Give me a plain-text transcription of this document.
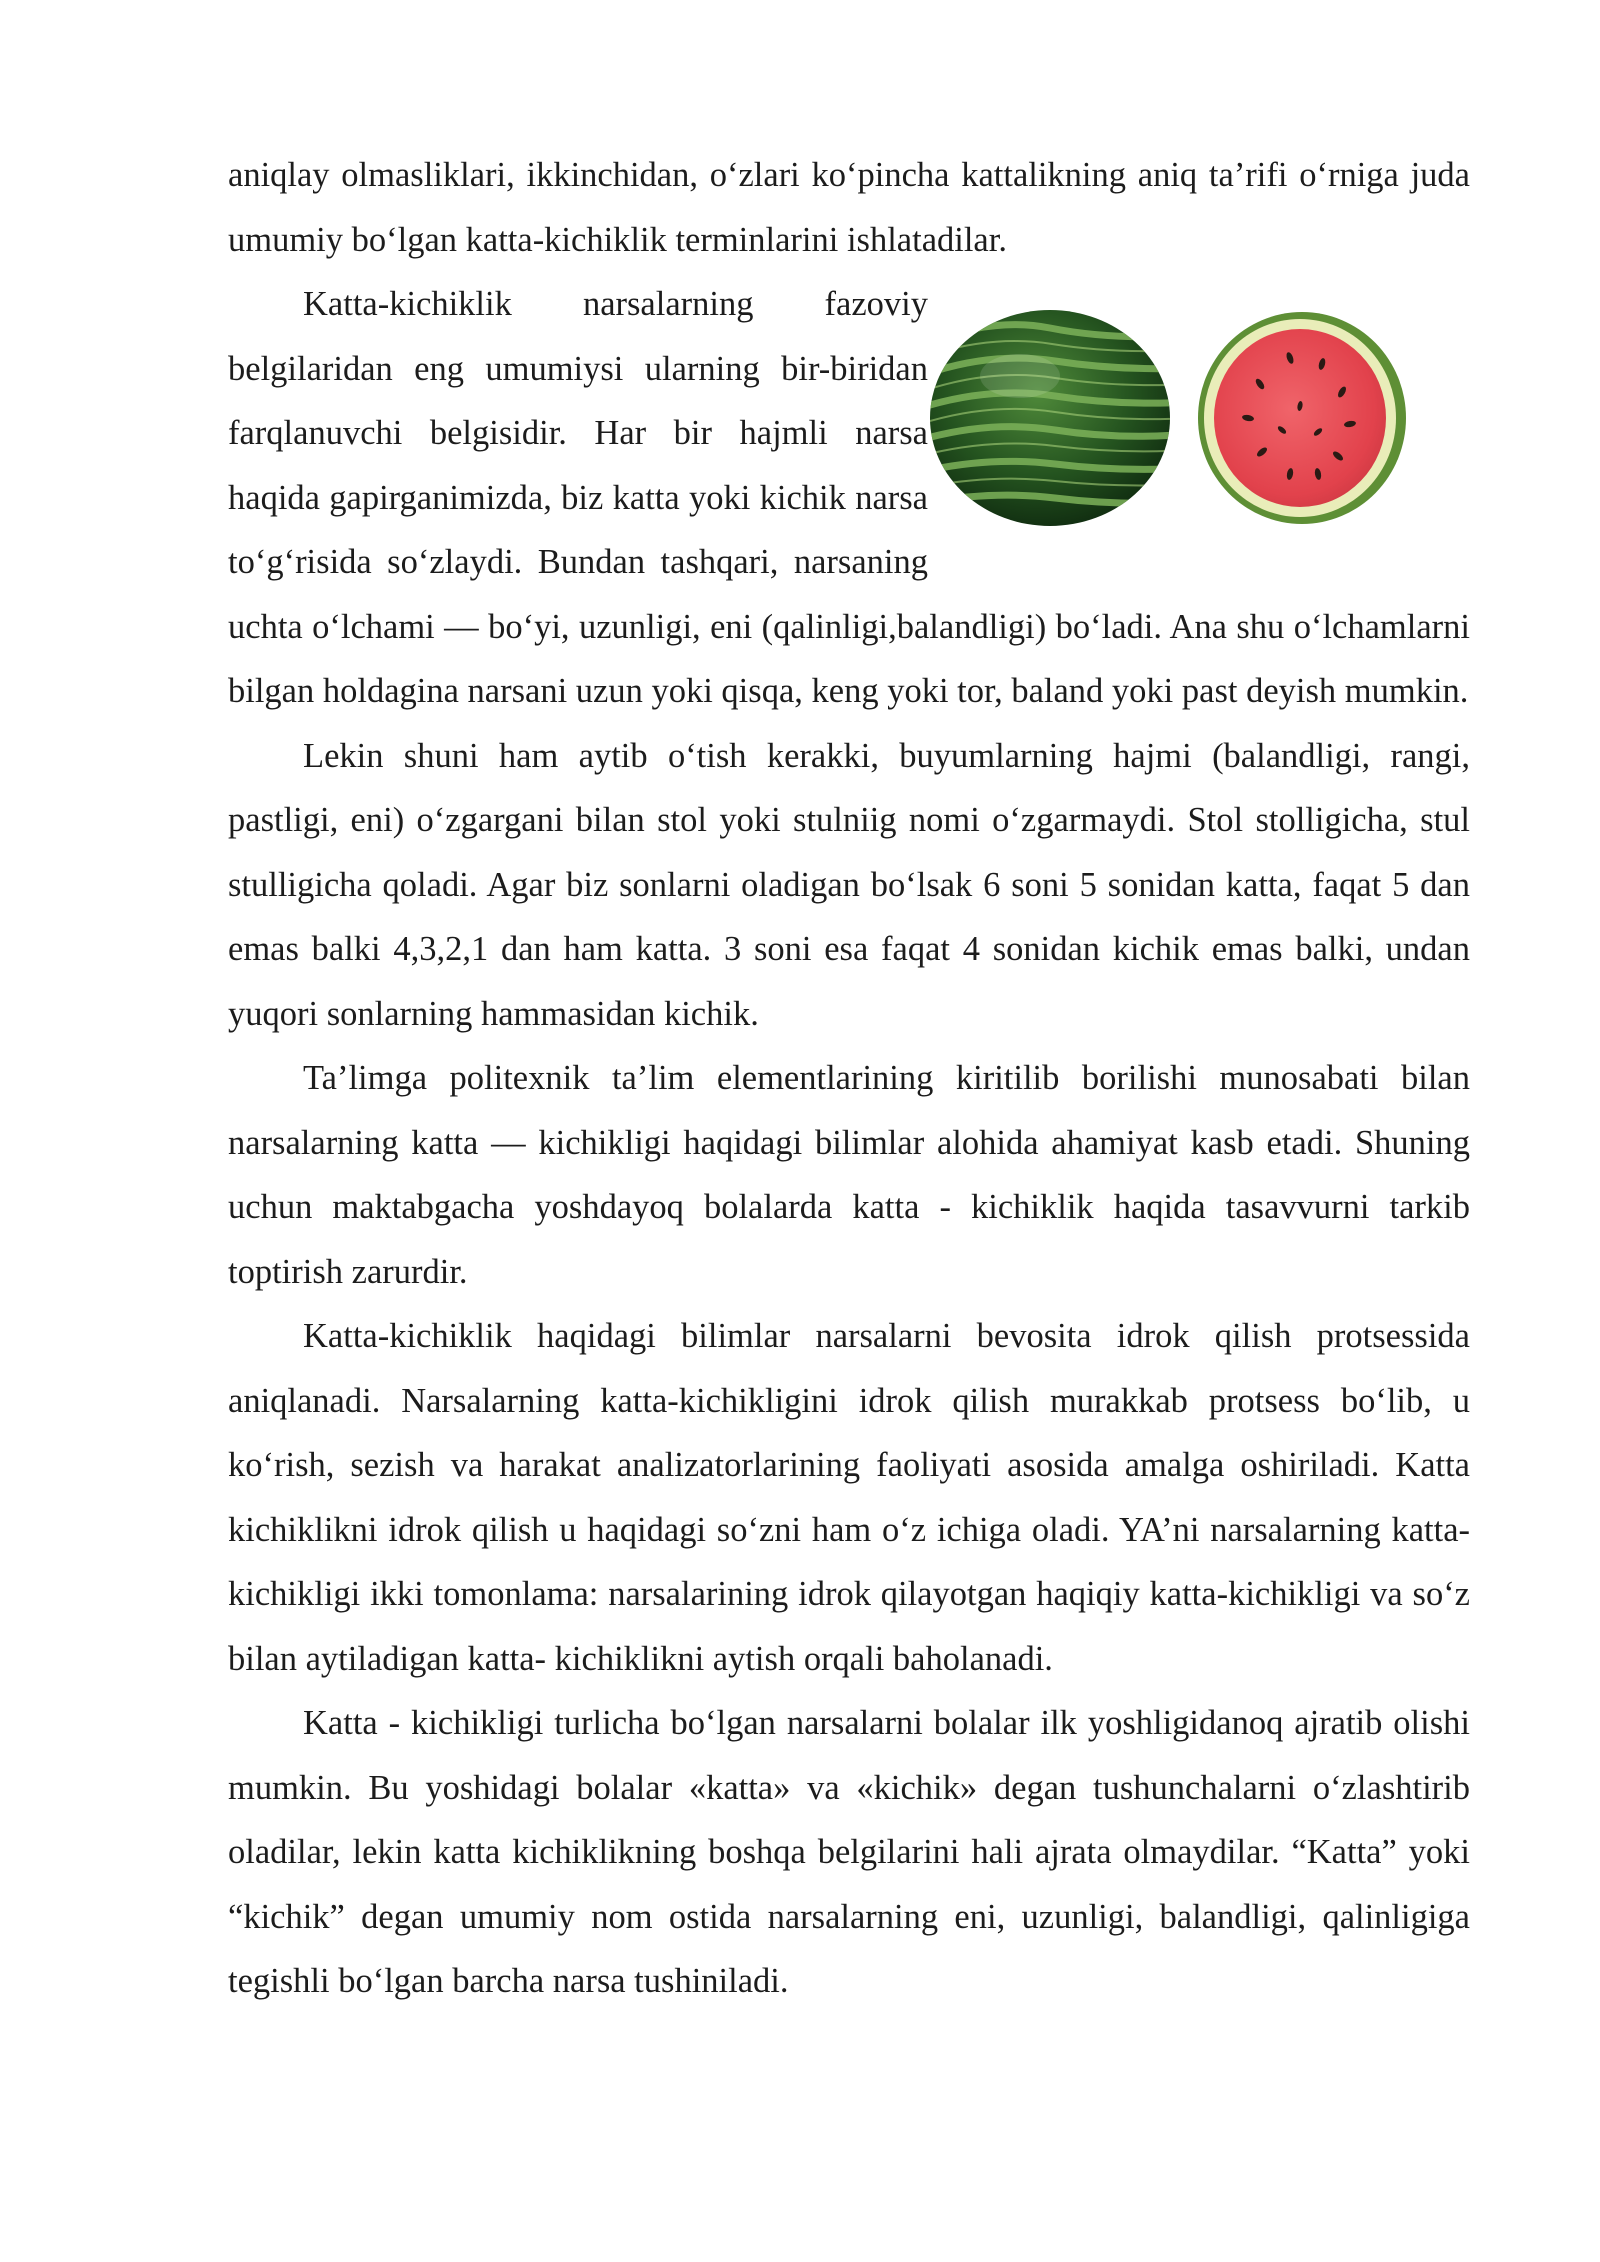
aniqlay olmasliklari, ikkinchidan, o‘zlari ko‘pincha kattalikning aniq ta’rifi o‘rniga juda umumiy bo‘lgan katta-kichiklik terminlarini ishlatadilar.

Katta-kichiklik narsalarning fazoviy belgilaridan eng umumiysi ularning bir-biridan farqlanuvchi belgisidir. Har bir hajmli narsa haqida gapirganimizda, biz katta yoki kichik narsa to‘g‘risida so‘zlaydi. Bundan tashqari, narsaning uchta o‘lchami — bo‘yi, uzunligi, eni (qalinligi,balandligi) bo‘ladi. Ana shu o‘lchamlarni bilgan holdagina narsani uzun yoki qisqa, keng yoki tor, baland yoki past deyish mumkin.

Lekin shuni ham aytib o‘tish kerakki, buyumlarning hajmi (balandligi, rangi, pastligi, eni) o‘zgargani bilan stol yoki stulniig nomi o‘zgarmaydi. Stol stolligicha, stul stulligicha qoladi. Agar biz sonlarni oladigan bo‘lsak 6 soni 5 sonidan katta, faqat 5 dan emas balki 4,3,2,1 dan ham katta. 3 soni esa faqat 4 sonidan kichik emas balki, undan yuqori sonlarning hammasidan kichik.

Ta’limga politexnik ta’lim elementlarining kiritilib borilishi munosabati bilan narsalarning katta — kichikligi haqidagi bilimlar alohida ahamiyat kasb etadi. Shuning uchun maktabgacha yoshdayoq bolalarda katta - kichiklik haqida tasavvurni tarkib toptirish zarurdir.

Katta-kichiklik haqidagi bilimlar narsalarni bevosita idrok qilish protsessida aniqlanadi. Narsalarning katta-kichikligini idrok qilish murakkab protsess bo‘lib, u ko‘rish, sezish va harakat analizatorlarining faoliyati asosida amalga oshiriladi. Katta kichiklikni idrok qilish u haqidagi so‘zni ham o‘z ichiga oladi. YA’ni narsalarning katta-kichikligi ikki tomonlama: narsalarining idrok qilayotgan haqiqiy katta-kichikligi va so‘z bilan aytiladigan katta- kichiklikni aytish orqali baholanadi.

Katta - kichikligi turlicha bo‘lgan narsalarni bolalar ilk yoshligidanoq ajratib olishi mumkin. Bu yoshidagi bolalar «katta» va «kichik» degan tushunchalarni o‘zlashtirib oladilar, lekin katta kichiklikning boshqa belgilarini hali ajrata olmaydilar. “Katta” yoki “kichik” degan umumiy nom ostida narsalarning eni, uzunligi, balandligi, qalinligiga tegishli bo‘lgan barcha narsa tushiniladi.
